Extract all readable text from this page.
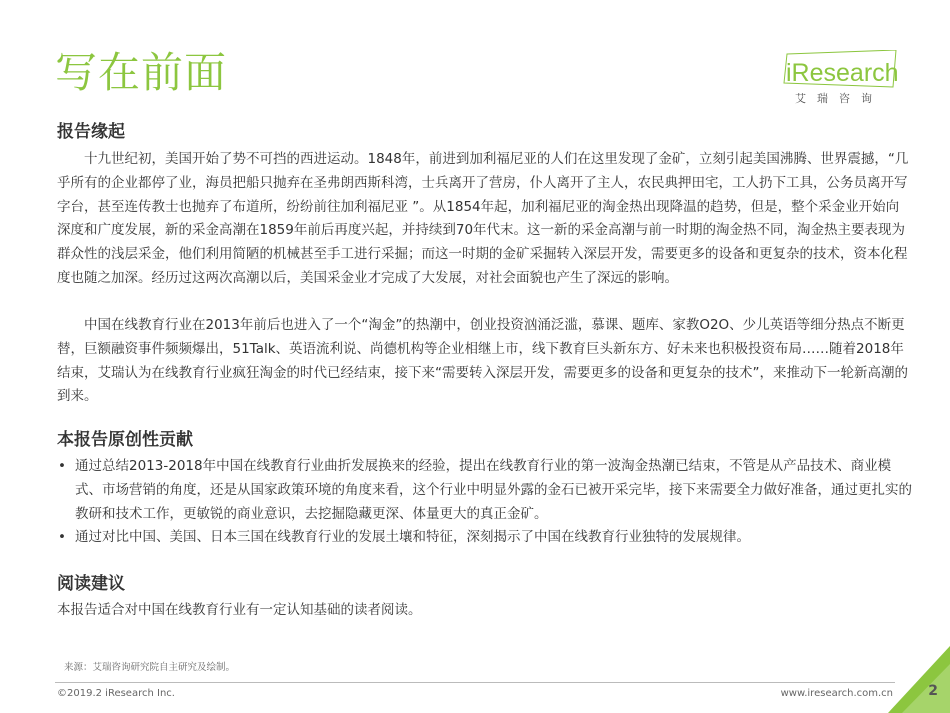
写在前面	iResearch
艾瑞咨询
报告缘起

十九世纪初，美国开始了势不可挡的西进运动。1848年，前进到加利福尼亚的人们在这里发现了金矿，立刻引起美国沸腾、世界震撼，“几乎所有的企业都停了业，海员把船只抛弃在圣弗朗西斯科湾，士兵离开了营房，仆人离开了主人，农民典押田宅，工人扔下工具，公务员离开写字台，甚至连传教士也抛弃了布道所，纷纷前往加利福尼亚 ”。从1854年起，加利福尼亚的淘金热出现降温的趋势，但是，整个采金业开始向深度和广度发展，新的采金高潮在1859年前后再度兴起，并持续到70年代末。这一新的采金高潮与前一时期的淘金热不同，淘金热主要表现为群众性的浅层采金，他们利用简陋的机械甚至手工进行采掘；而这一时期的金矿采掘转入深层开发，需要更多的设备和更复杂的技术，资本化程度也随之加深。经历过这两次高潮以后，美国采金业才完成了大发展，对社会面貌也产生了深远的影响。

中国在线教育行业在2013年前后也进入了一个“淘金”的热潮中，创业投资汹涌泛滥，慕课、题库、家教O2O、少儿英语等细分热点不断更替，巨额融资事件频频爆出，51Talk、英语流利说、尚德机构等企业相继上市，线下教育巨头新东方、好未来也积极投资布局……随着2018年结束，艾瑞认为在线教育行业疯狂淘金的时代已经结束，接下来“需要转入深层开发，需要更多的设备和更复杂的技术”，来推动下一轮新高潮的到来。

本报告原创性贡献
• 通过总结2013-2018年中国在线教育行业曲折发展换来的经验，提出在线教育行业的第一波淘金热潮已结束，不管是从产品技术、商业模式、市场营销的角度，还是从国家政策环境的角度来看，这个行业中明显外露的金石已被开采完毕，接下来需要全力做好准备，通过更扎实的教研和技术工作，更敏锐的商业意识，去挖掘隐藏更深、体量更大的真正金矿。
• 通过对比中国、美国、日本三国在线教育行业的发展土壤和特征，深刻揭示了中国在线教育行业独特的发展规律。
阅读建议

本报告适合对中国在线教育行业有一定认知基础的读者阅读。

来源：艾瑞咨询研究院自主研究及绘制。
©2019.2 iResearch Inc.	www.iresearch.com.cn	2
